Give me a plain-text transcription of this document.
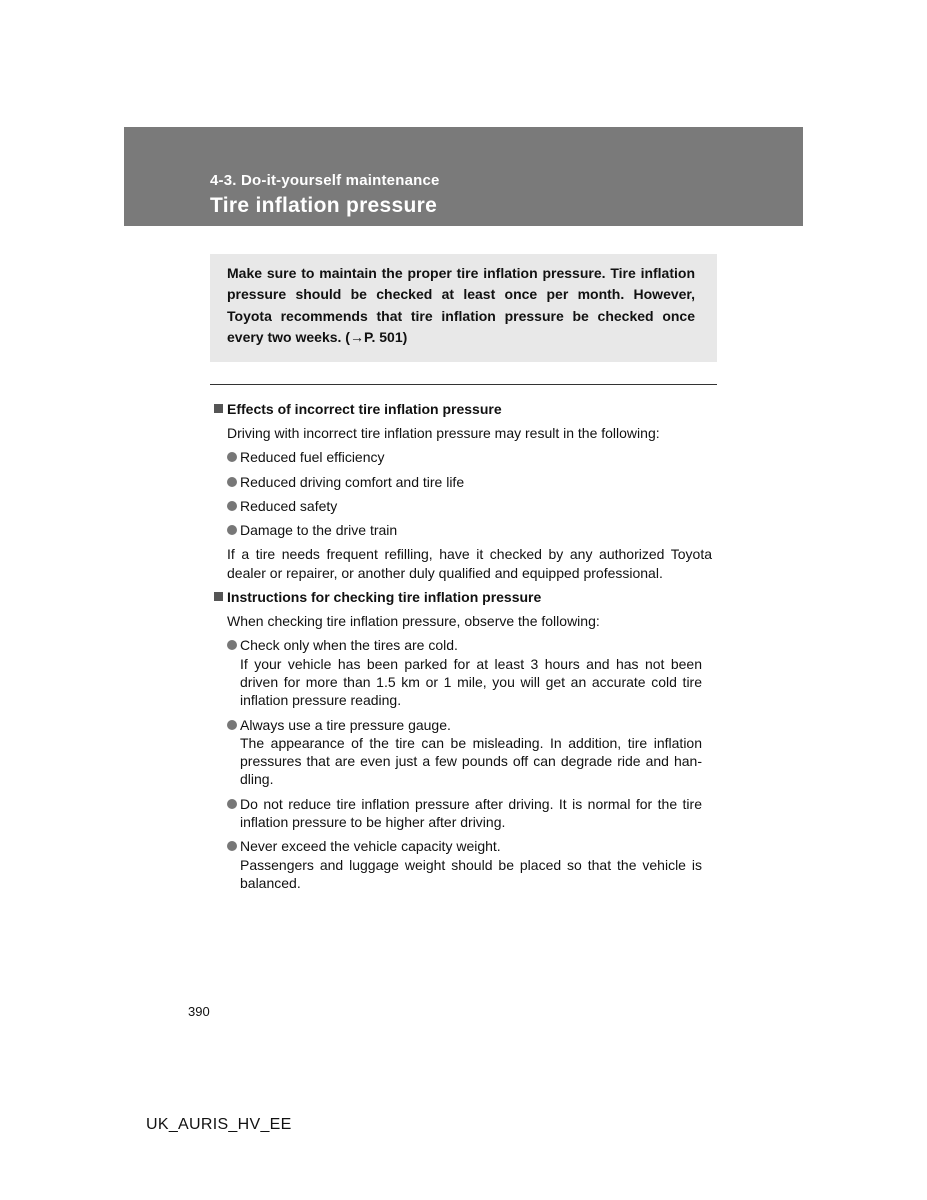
4-3. Do-it-yourself maintenance
Tire inflation pressure

Make sure to maintain the proper tire inflation pressure. Tire inflation pressure should be checked at least once per month. However, Toyota recommends that tire inflation pressure be checked once every two weeks. (→P. 501)

Effects of incorrect tire inflation pressure

Driving with incorrect tire inflation pressure may result in the following:

Reduced fuel efficiency
Reduced driving comfort and tire life
Reduced safety
Damage to the drive train

If a tire needs frequent refilling, have it checked by any authorized Toyota dealer or repairer, or another duly qualified and equipped professional.

Instructions for checking tire inflation pressure

When checking tire inflation pressure, observe the following:

Check only when the tires are cold.
If your vehicle has been parked for at least 3 hours and has not been driven for more than 1.5 km or 1 mile, you will get an accurate cold tire inflation pressure reading.
Always use a tire pressure gauge.
The appearance of the tire can be misleading. In addition, tire inflation pressures that are even just a few pounds off can degrade ride and han-dling.
Do not reduce tire inflation pressure after driving. It is normal for the tire inflation pressure to be higher after driving.
Never exceed the vehicle capacity weight.
Passengers and luggage weight should be placed so that the vehicle is balanced.
390
UK_AURIS_HV_EE
